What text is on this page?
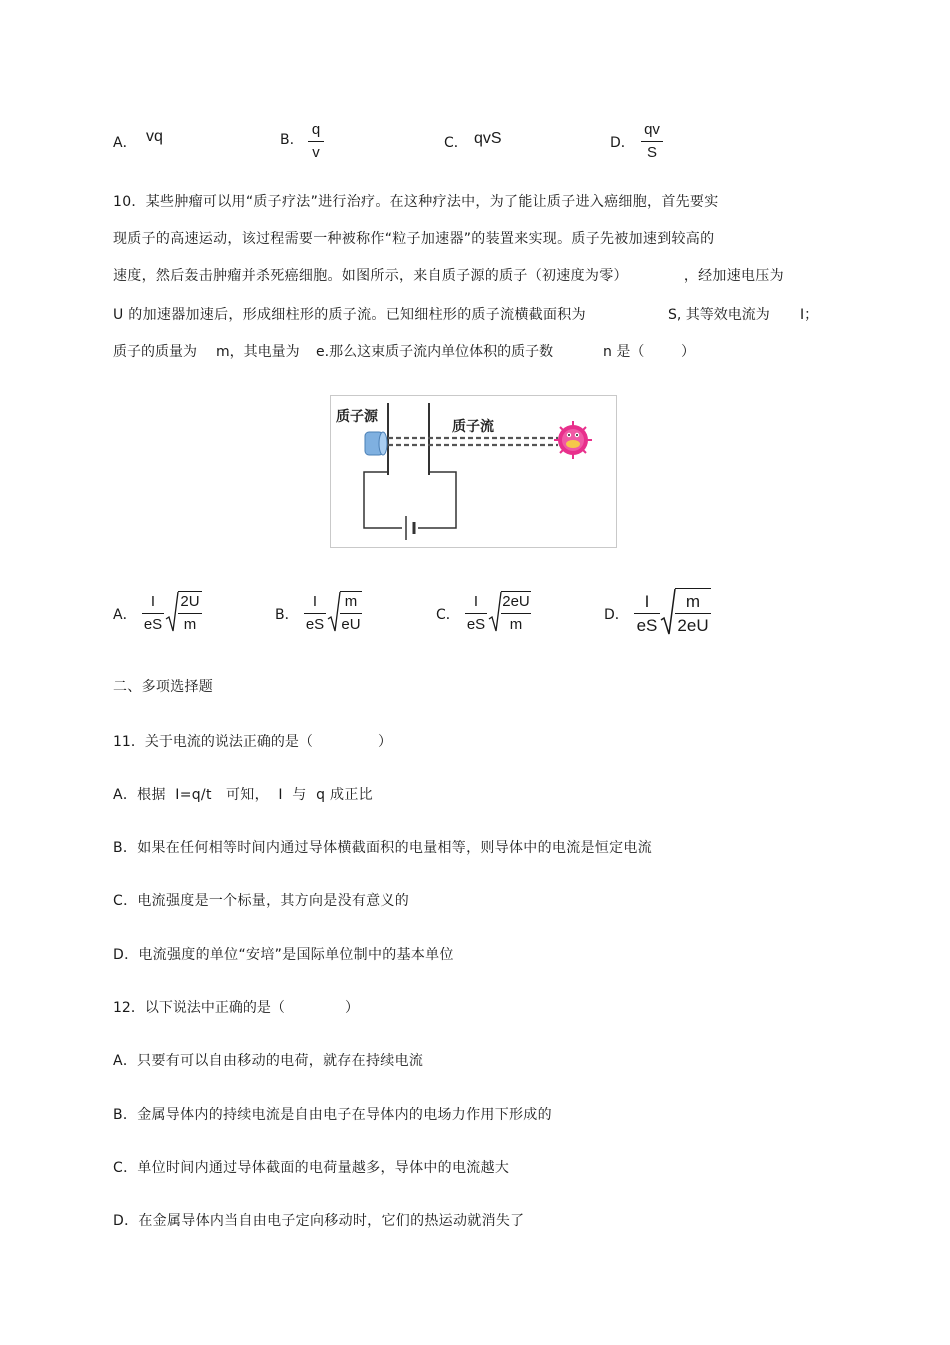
A． vq	B.
q
v
C． qvS	D．
qv
S
10．某些肿瘤可以用“质子疗法”进行治疗。在这种疗法中，为了能让质子进入癌细胞，首先要实
现质子的高速运动，该过程需要一种被称作“粒子加速器”的装置来实现。质子先被加速到较高的
速度，然后轰击肿瘤并杀死癌细胞。如图所示，来自质子源的质子（初速度为零）	，经加速电压为
U 的加速器加速后，形成细柱形的质子流。已知细柱形的质子流横截面积为	S, 其等效电流为 I；
质子的质量为 m，其电量为 e.那么这束质子流内单位体积的质子数	n 是（	）
质子源
质子流
A．
I
eS
2U
m
B．
I
eS
m
eU
C．
I
eS
2eU
m
D．
I
eS
m
2eU
二、多项选择题
11．关于电流的说法正确的是（	）
A．根据  I=q/t   可知，  I  与  q 成正比
B．如果在任何相等时间内通过导体横截面积的电量相等，则导体中的电流是恒定电流
C．电流强度是一个标量，其方向是没有意义的
D．电流强度的单位“安培”是国际单位制中的基本单位
12．以下说法中正确的是（	）
A．只要有可以自由移动的电荷，就存在持续电流
B．金属导体内的持续电流是自由电子在导体内的电场力作用下形成的
C．单位时间内通过导体截面的电荷量越多，导体中的电流越大
D．在金属导体内当自由电子定向移动时，它们的热运动就消失了
